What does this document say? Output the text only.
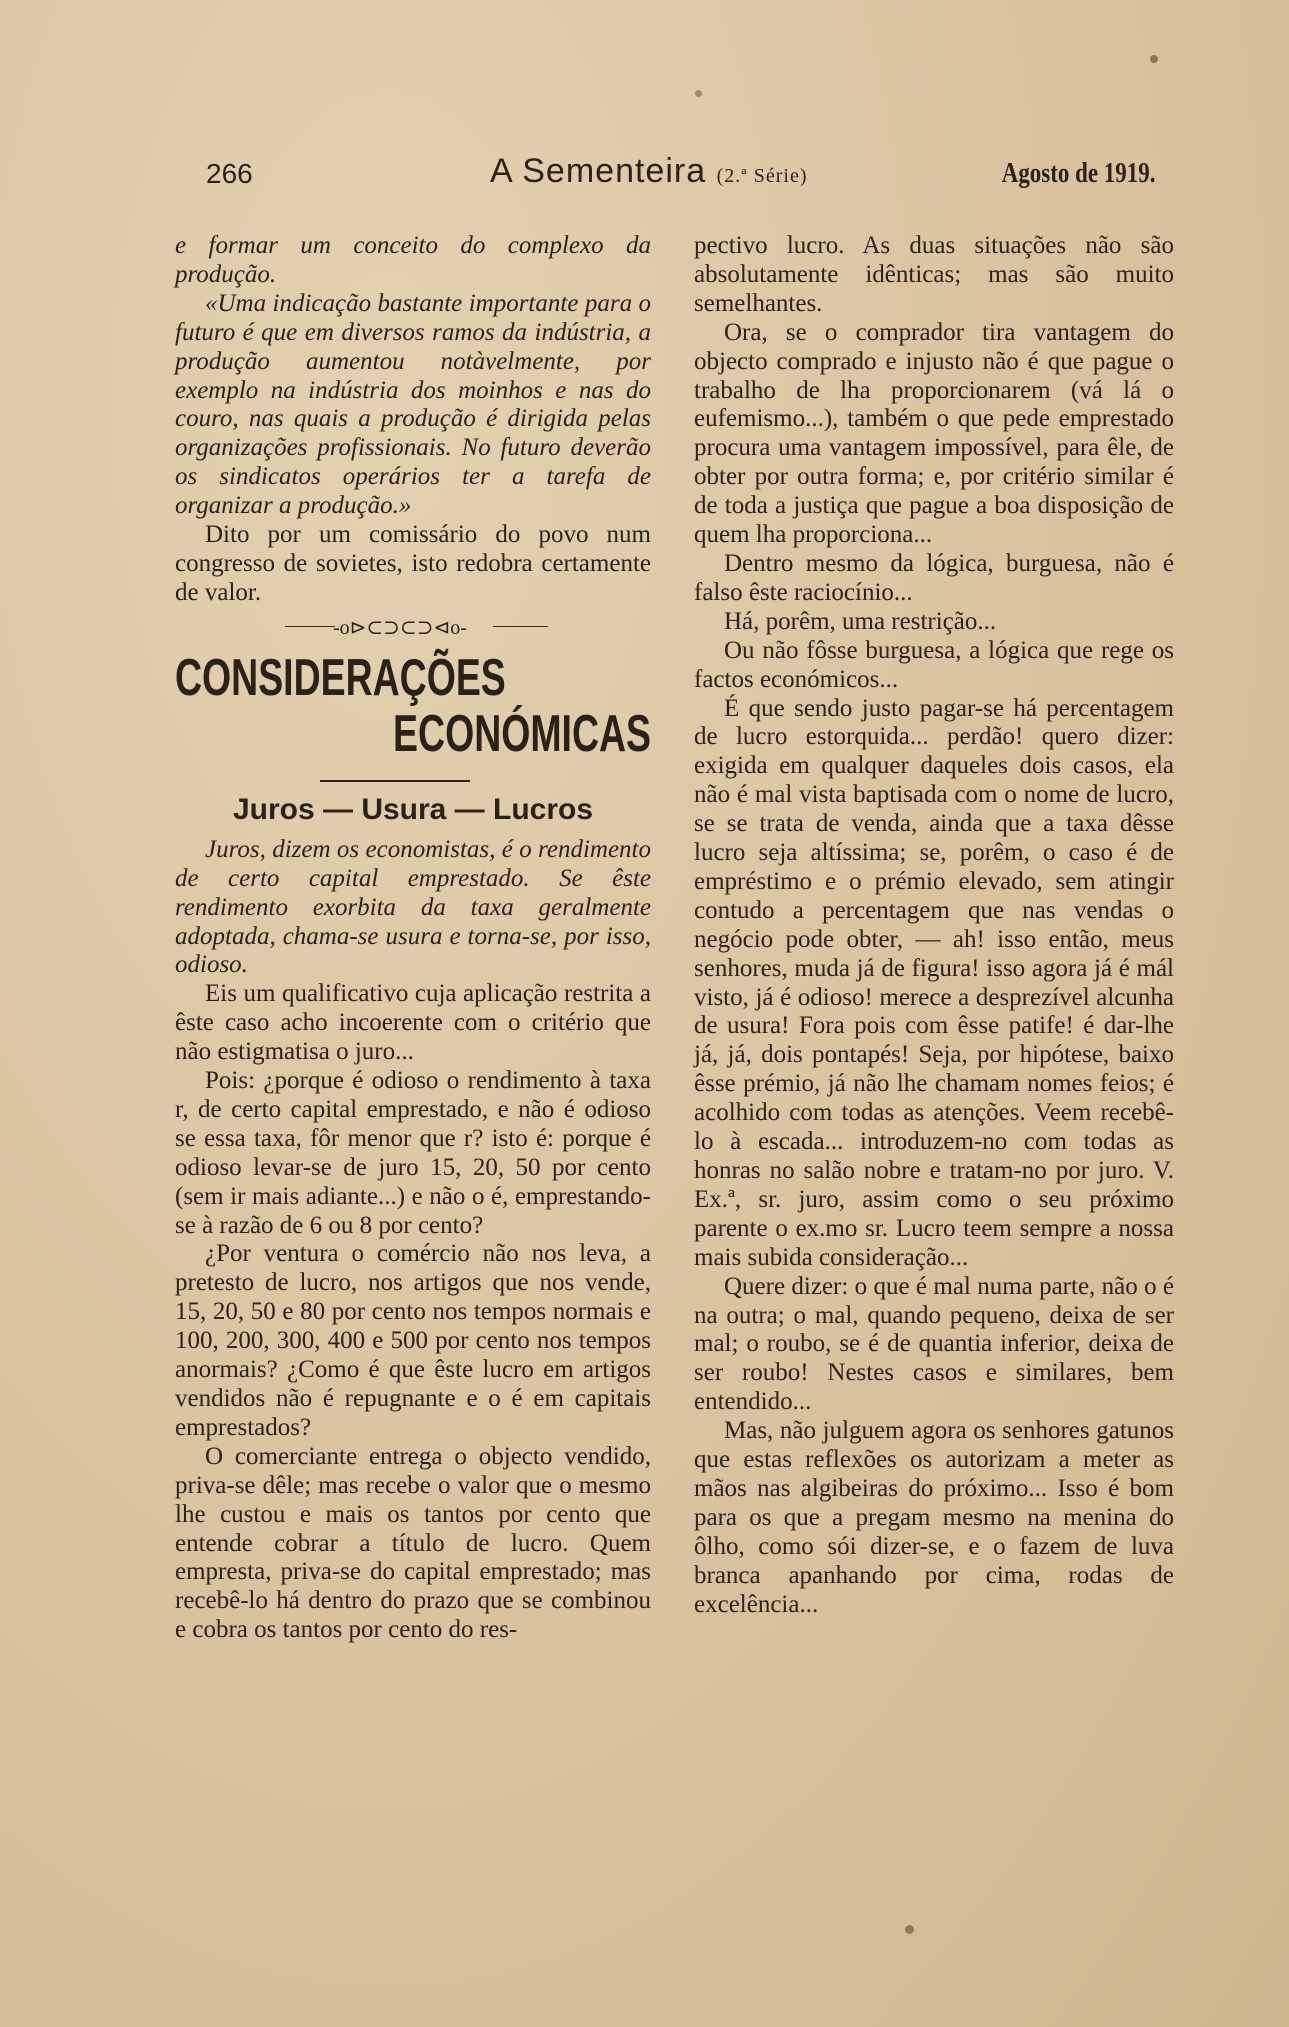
266	A Sementeira (2.ª Série)	Agosto de 1919.

e formar um conceito do complexo da produção.

«Uma indicação bastante importante para o futuro é que em diversos ramos da indústria, a produção aumentou notàvelmente, por exemplo na indústria dos moinhos e nas do couro, nas quais a produção é dirigida pelas organizações profissionais. No futuro deverão os sindicatos operários ter a tarefa de organizar a produção.»

Dito por um comissário do povo num congresso de sovietes, isto redobra certamente de valor.

-o⊳⊂⊃⊂⊃⊲o-
CONSIDERAÇÕES
ECONÓMICAS
Juros — Usura — Lucros

Juros, dizem os economistas, é o rendimento de certo capital emprestado. Se êste rendimento exorbita da taxa geralmente adoptada, chama-se usura e torna-se, por isso, odioso.

Eis um qualificativo cuja aplicação restrita a êste caso acho incoerente com o critério que não estigmatisa o juro...

Pois: ¿porque é odioso o rendimento à taxa r, de certo capital emprestado, e não é odioso se essa taxa, fôr menor que r? isto é: porque é odioso levar-se de juro 15, 20, 50 por cento (sem ir mais adiante...) e não o é, emprestando-se à razão de 6 ou 8 por cento?

¿Por ventura o comércio não nos leva, a pretesto de lucro, nos artigos que nos vende, 15, 20, 50 e 80 por cento nos tempos normais e 100, 200, 300, 400 e 500 por cento nos tempos anormais? ¿Como é que êste lucro em artigos vendidos não é repugnante e o é em capitais emprestados?

O comerciante entrega o objecto vendido, priva-se dêle; mas recebe o valor que o mesmo lhe custou e mais os tantos por cento que entende cobrar a título de lucro. Quem empresta, priva-se do capital emprestado; mas recebê-lo há dentro do prazo que se combinou e cobra os tantos por cento do res-

pectivo lucro. As duas situações não são absolutamente idênticas; mas são muito semelhantes.

Ora, se o comprador tira vantagem do objecto comprado e injusto não é que pague o trabalho de lha proporcionarem (vá lá o eufemismo...), também o que pede emprestado procura uma vantagem impossível, para êle, de obter por outra forma; e, por critério similar é de toda a justiça que pague a boa disposição de quem lha proporciona...

Dentro mesmo da lógica, burguesa, não é falso êste raciocínio...

Há, porêm, uma restrição...

Ou não fôsse burguesa, a lógica que rege os factos económicos...

É que sendo justo pagar-se há percentagem de lucro estorquida... perdão! quero dizer: exigida em qualquer daqueles dois casos, ela não é mal vista baptisada com o nome de lucro, se se trata de venda, ainda que a taxa dêsse lucro seja altíssima; se, porêm, o caso é de empréstimo e o prémio elevado, sem atingir contudo a percentagem que nas vendas o negócio pode obter, — ah! isso então, meus senhores, muda já de figura! isso agora já é mál visto, já é odioso! merece a desprezível alcunha de usura! Fora pois com êsse patife! é dar-lhe já, já, dois pontapés! Seja, por hipótese, baixo êsse prémio, já não lhe chamam nomes feios; é acolhido com todas as atenções. Veem recebê-lo à escada... introduzem-no com todas as honras no salão nobre e tratam-no por juro. V. Ex.ª, sr. juro, assim como o seu próximo parente o ex.mo sr. Lucro teem sempre a nossa mais subida consideração...

Quere dizer: o que é mal numa parte, não o é na outra; o mal, quando pequeno, deixa de ser mal; o roubo, se é de quantia inferior, deixa de ser roubo! Nestes casos e similares, bem entendido...

Mas, não julguem agora os senhores gatunos que estas reflexões os autorizam a meter as mãos nas algibeiras do próximo... Isso é bom para os que a pregam mesmo na menina do ôlho, como sói dizer-se, e o fazem de luva branca apanhando por cima, rodas de excelência...
